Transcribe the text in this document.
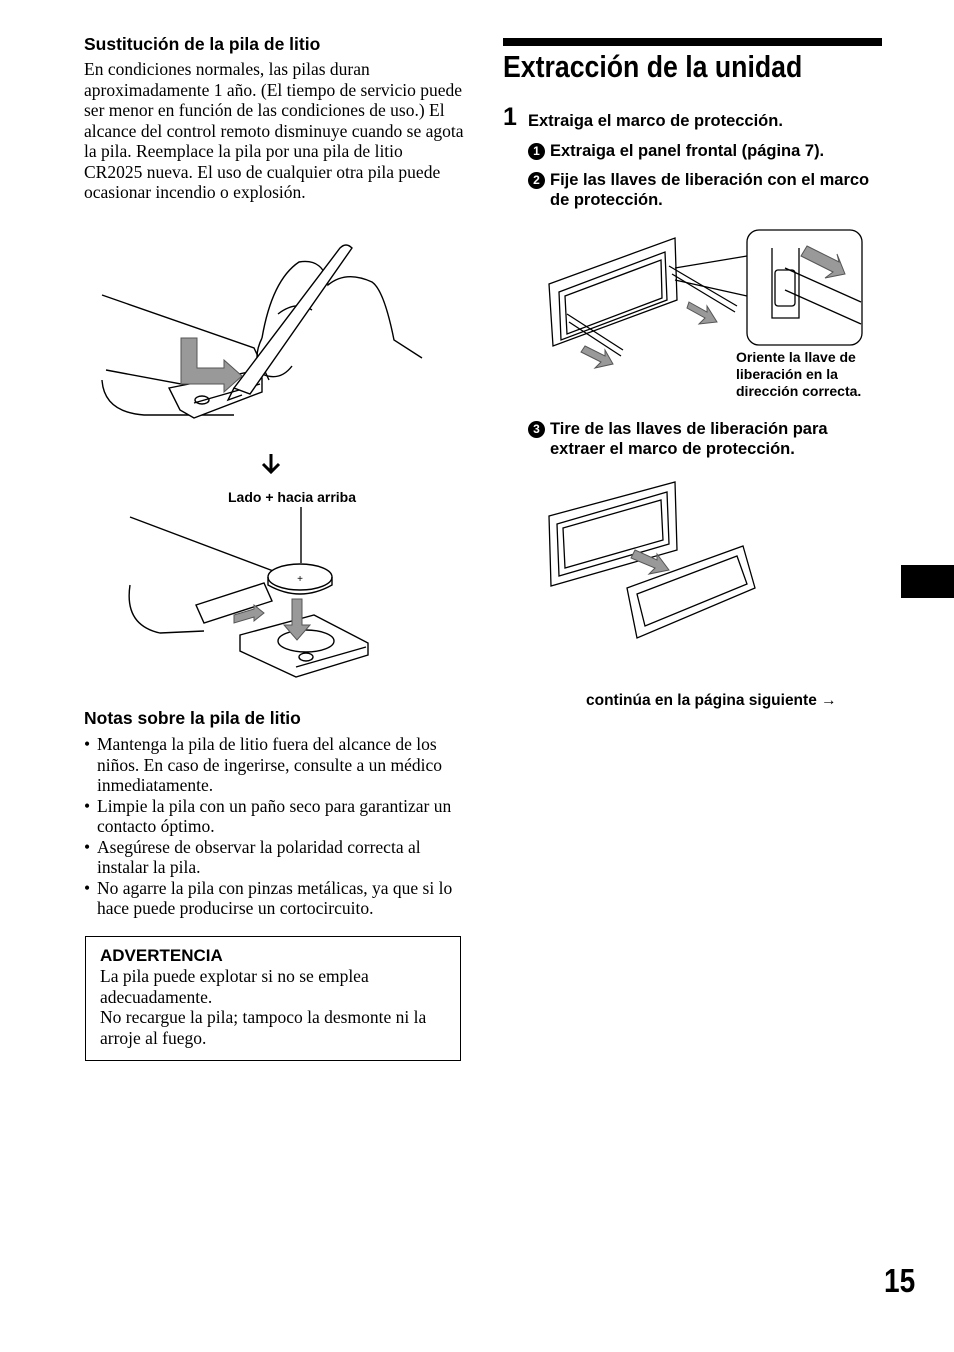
Sustitución de la pila de litio
En condiciones normales, las pilas duran aproximadamente 1 año. (El tiempo de servicio puede ser menor en función de las condiciones de uso.) El alcance del control remoto disminuye cuando se agota la pila. Reemplace la pila por una pila de litio CR2025 nueva. El uso de cualquier otra pila puede ocasionar incendio o explosión.
Lado + hacia arriba
+
Notas sobre la pila de litio
• Mantenga la pila de litio fuera del alcance de los niños. En caso de ingerirse, consulte a un médico inmediatamente.
• Limpie la pila con un paño seco para garantizar un contacto óptimo.
• Asegúrese de observar la polaridad correcta al instalar la pila.
• No agarre la pila con pinzas metálicas, ya que si lo hace puede producirse un cortocircuito.
ADVERTENCIA
La pila puede explotar si no se emplea adecuadamente.
No recargue la pila; tampoco la desmonte ni la arroje al fuego.
Extracción de la unidad
1 Extraiga el marco de protección.
1 Extraiga el panel frontal (página 7).
2 Fije las llaves de liberación con el marco de protección.
Oriente la llave de liberación en la dirección correcta.
3 Tire de las llaves de liberación para extraer el marco de protección.
continúa en la página siguiente →
15
